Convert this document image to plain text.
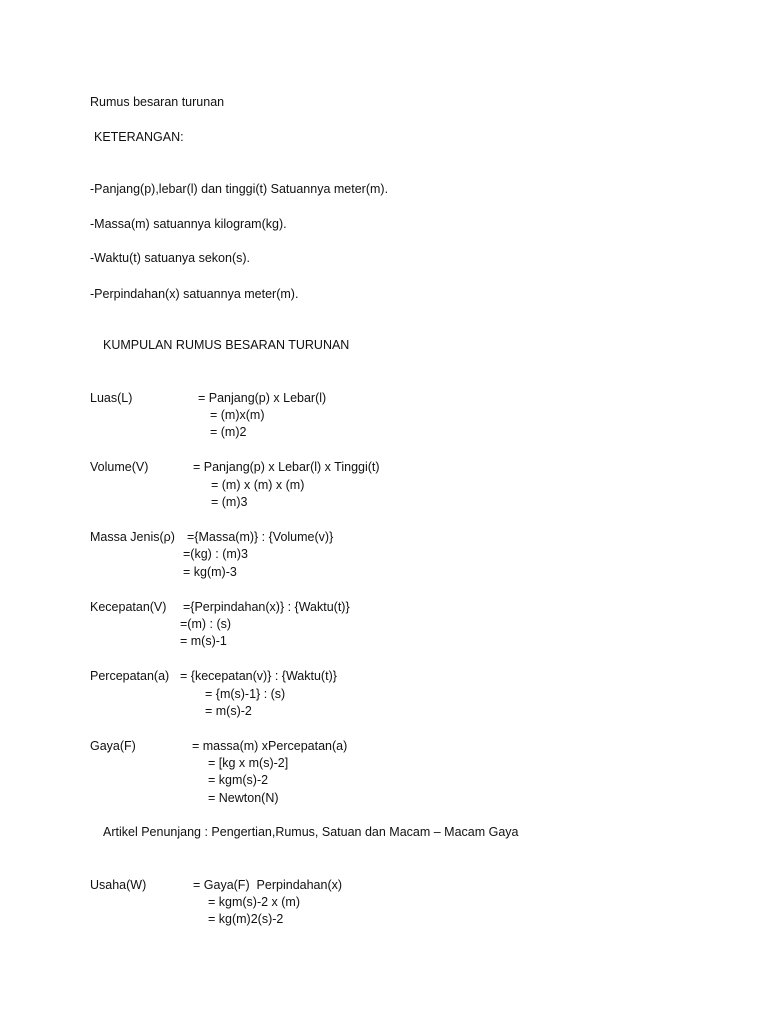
Rumus besaran turunan
KETERANGAN:
-Panjang(p),lebar(l) dan tinggi(t) Satuannya meter(m).
-Massa(m) satuannya kilogram(kg).
-Waktu(t) satuanya sekon(s).
-Perpindahan(x) satuannya meter(m).
KUMPULAN RUMUS BESARAN TURUNAN
Luas(L)	= Panjang(p) x Lebar(l)
= (m)x(m)
= (m)2
Volume(V)	= Panjang(p) x Lebar(l) x Tinggi(t)
= (m) x (m) x (m)
= (m)3
Massa Jenis(ρ) ={Massa(m)} : {Volume(v)}
=(kg) : (m)3
= kg(m)-3
Kecepatan(V) ={Perpindahan(x)} : {Waktu(t)}
=(m) : (s)
= m(s)-1
Percepatan(a) = {kecepatan(v)} : {Waktu(t)}
= {m(s)-1} : (s)
= m(s)-2
Gaya(F)	= massa(m) xPercepatan(a)
= [kg x m(s)-2]
= kgm(s)-2
= Newton(N)
Artikel Penunjang : Pengertian,Rumus, Satuan dan Macam – Macam Gaya
Usaha(W)	= Gaya(F)  Perpindahan(x)
= kgm(s)-2 x (m)
= kg(m)2(s)-2
